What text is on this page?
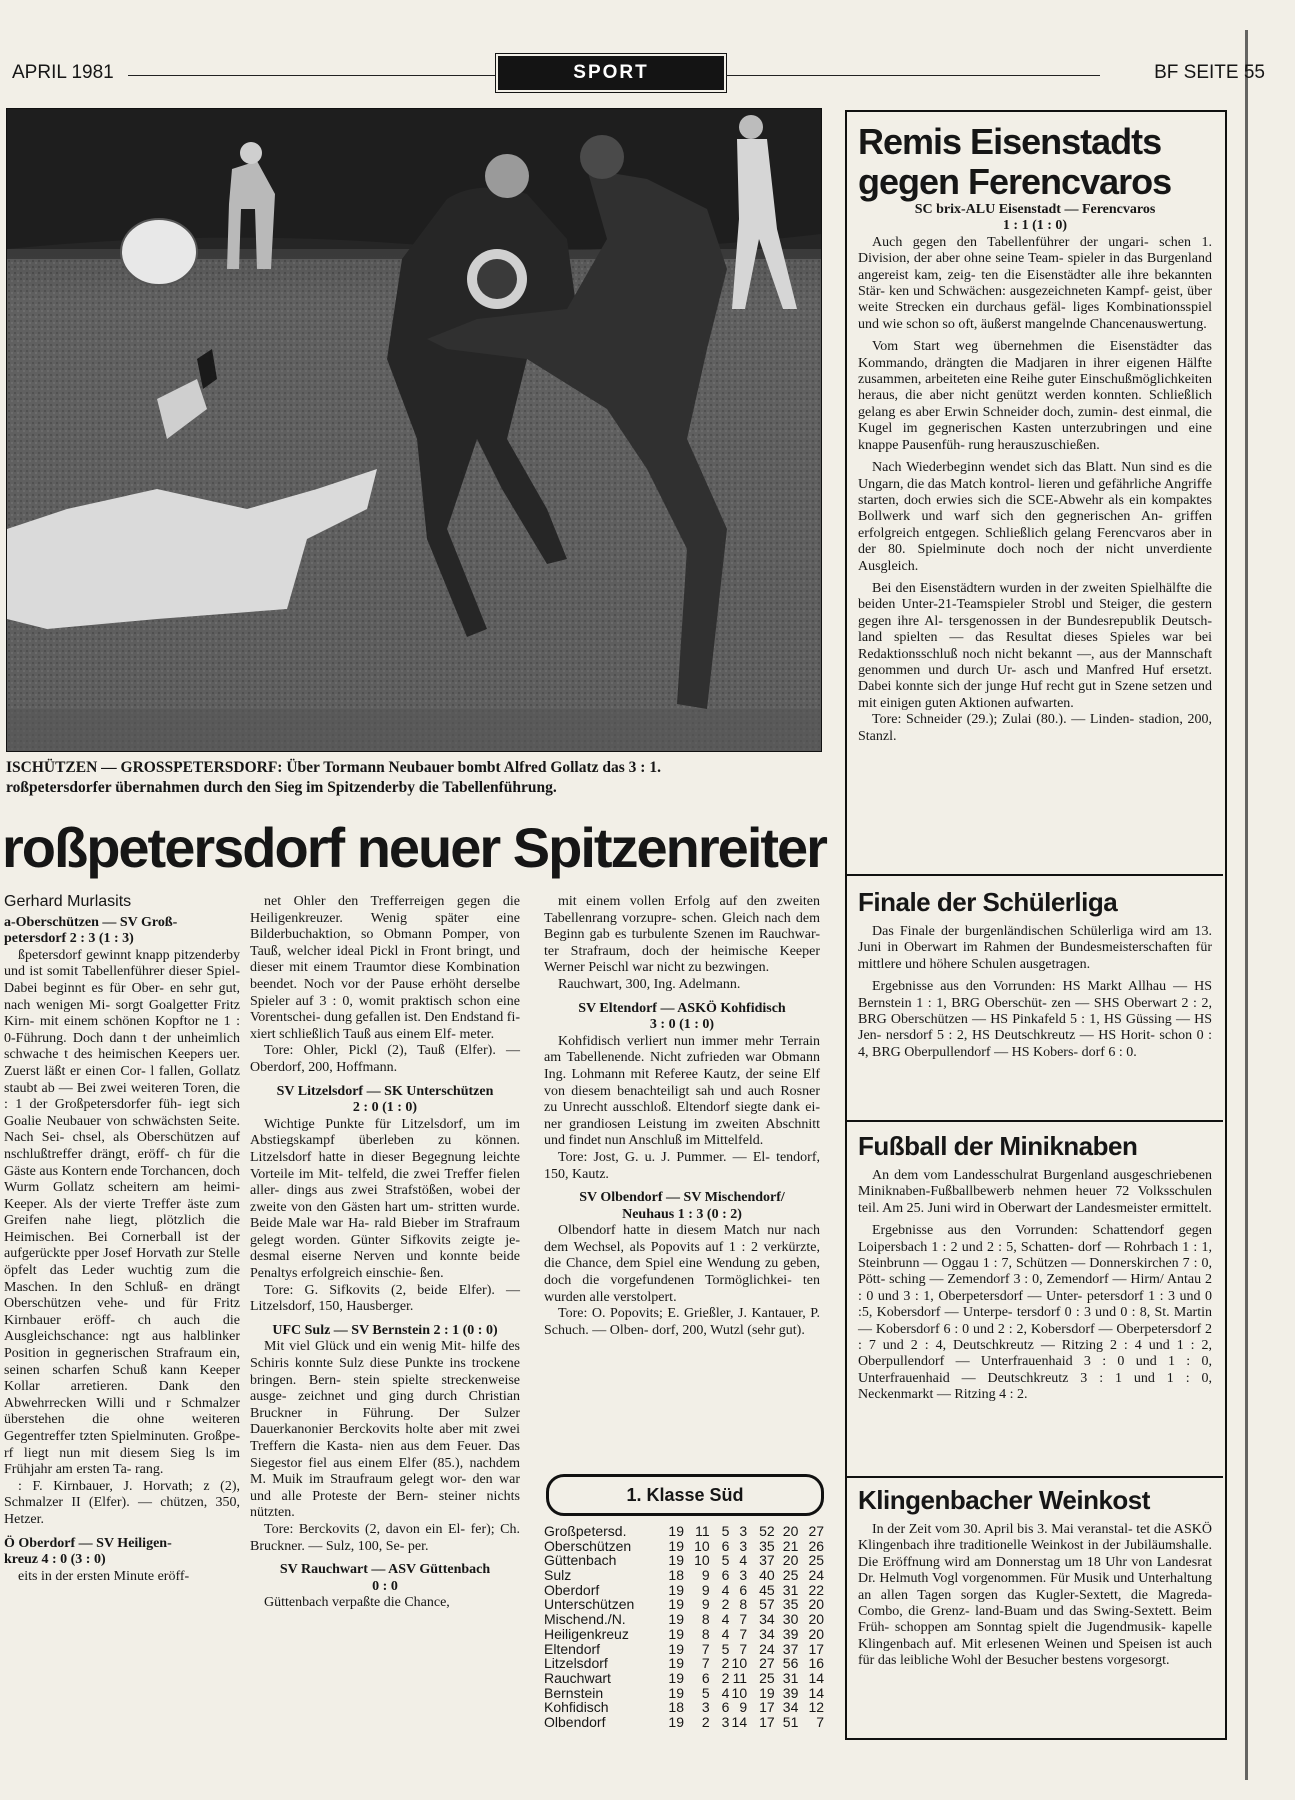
APRIL 1981	SPORT	BF SEITE 55
ISCHÜTZEN — GROSSPETERSDORF: Über Tormann Neubauer bombt Alfred Gollatz das 3 : 1.
roßpetersdorfer übernahmen durch den Sieg im Spitzenderby die Tabellenführung.
roßpetersdorf neuer Spitzenreiter

Gerhard Murlasits

a-Oberschützen — SV Groß-

petersdorf 2 : 3 (1 : 3)

ßpetersdorf gewinnt knapp pitzenderby und ist somit Tabellenführer dieser Spiel- Dabei beginnt es für Ober- en sehr gut, nach wenigen Mi- sorgt Goalgetter Fritz Kirn- mit einem schönen Kopftor ne 1 : 0-Führung. Doch dann t der unheimlich schwache t des heimischen Keepers uer. Zuerst läßt er einen Cor- l fallen, Gollatz staubt ab — Bei zwei weiteren Toren, die : 1 der Großpetersdorfer füh- iegt sich Goalie Neubauer von schwächsten Seite. Nach Sei- chsel, als Oberschützen auf nschlußtreffer drängt, eröff- ch für die Gäste aus Kontern ende Torchancen, doch Wurm Gollatz scheitern am heimi- Keeper. Als der vierte Treffer äste zum Greifen nahe liegt, plötzlich die Heimischen. Bei Cornerball ist der aufgerückte pper Josef Horvath zur Stelle öpfelt das Leder wuchtig zum die Maschen. In den Schluß- en drängt Oberschützen vehe- und für Fritz Kirnbauer eröff- ch auch die Ausgleichschance: ngt aus halblinker Position in gegnerischen Strafraum ein, seinen scharfen Schuß kann Keeper Kollar arretieren. Dank den Abwehrrecken Willi und r Schmalzer überstehen die ohne weiteren Gegentreffer tzten Spielminuten. Großpe- rf liegt nun mit diesem Sieg ls im Frühjahr am ersten Ta- rang.

: F. Kirnbauer, J. Horvath; z (2), Schmalzer II (Elfer). — chützen, 350, Hetzer.

Ö Oberdorf — SV Heiligen-

kreuz 4 : 0 (3 : 0)

eits in der ersten Minute eröff-

net Ohler den Trefferreigen gegen die Heiligenkreuzer. Wenig später eine Bilderbuchaktion, so Obmann Pomper, von Tauß, welcher ideal Pickl in Front bringt, und dieser mit einem Traumtor diese Kombination beendet. Noch vor der Pause erhöht derselbe Spieler auf 3 : 0, womit praktisch schon eine Vorentschei- dung gefallen ist. Den Endstand fi- xiert schließlich Tauß aus einem Elf- meter.

Tore: Ohler, Pickl (2), Tauß (Elfer). — Oberdorf, 200, Hoffmann.

SV Litzelsdorf — SK Unterschützen

2 : 0 (1 : 0)

Wichtige Punkte für Litzelsdorf, um im Abstiegskampf überleben zu können. Litzelsdorf hatte in dieser Begegnung leichte Vorteile im Mit- telfeld, die zwei Treffer fielen aller- dings aus zwei Strafstößen, wobei der zweite von den Gästen hart um- stritten wurde. Beide Male war Ha- rald Bieber im Strafraum gelegt worden. Günter Sifkovits zeigte je- desmal eiserne Nerven und konnte beide Penaltys erfolgreich einschie- ßen.

Tore: G. Sifkovits (2, beide Elfer). — Litzelsdorf, 150, Hausberger.

UFC Sulz — SV Bernstein 2 : 1 (0 : 0)

Mit viel Glück und ein wenig Mit- hilfe des Schiris konnte Sulz diese Punkte ins trockene bringen. Bern- stein spielte streckenweise ausge- zeichnet und ging durch Christian Bruckner in Führung. Der Sulzer Dauerkanonier Berckovits holte aber mit zwei Treffern die Kasta- nien aus dem Feuer. Das Siegestor fiel aus einem Elfer (85.), nachdem M. Muik im Straufraum gelegt wor- den war und alle Proteste der Bern- steiner nichts nützten.

Tore: Berckovits (2, davon ein El- fer); Ch. Bruckner. — Sulz, 100, Se- per.

SV Rauchwart — ASV Güttenbach

0 : 0

Güttenbach verpaßte die Chance,

mit einem vollen Erfolg auf den zweiten Tabellenrang vorzupre- schen. Gleich nach dem Beginn gab es turbulente Szenen im Rauchwar- ter Strafraum, doch der heimische Keeper Werner Peischl war nicht zu bezwingen.

Rauchwart, 300, Ing. Adelmann.

SV Eltendorf — ASKÖ Kohfidisch

3 : 0 (1 : 0)

Kohfidisch verliert nun immer mehr Terrain am Tabellenende. Nicht zufrieden war Obmann Ing. Lohmann mit Referee Kautz, der seine Elf von diesem benachteiligt sah und auch Rosner zu Unrecht ausschloß. Eltendorf siegte dank ei- ner grandiosen Leistung im zweiten Abschnitt und findet nun Anschluß im Mittelfeld.

Tore: Jost, G. u. J. Pummer. — El- tendorf, 150, Kautz.

SV Olbendorf — SV Mischendorf/

Neuhaus 1 : 3 (0 : 2)

Olbendorf hatte in diesem Match nur nach dem Wechsel, als Popovits auf 1 : 2 verkürzte, die Chance, dem Spiel eine Wendung zu geben, doch die vorgefundenen Tormöglichkei- ten wurden alle verstolpert.

Tore: O. Popovits; E. Grießler, J. Kantauer, P. Schuch. — Olben- dorf, 200, Wutzl (sehr gut).

1. Klasse Süd
Großpetersd.	19 11 5 3 52 20 27
Oberschützen	19 10 6 3 35 21 26
Güttenbach	19 10 5 4 37 20 25
Sulz	18	9 6 3 40 25 24
Oberdorf	19	9 4 6 45 31 22
Unterschützen	19	9 2 8 57 35 20
Mischend./N.	19	8 4 7 34 30 20
Heiligenkreuz	19	8 4 7 34 39 20
Eltendorf	19	7 5 7 24 37 17
Litzelsdorf	19	7 2 10 27 56 16
Rauchwart	19	6 2 11 25 31 14
Bernstein	19	5 4 10 19 39 14
Kohfidisch	18	3 6 9 17 34 12
Olbendorf	19	2 3 14 17 51	7
Remis Eisenstadts
gegen Ferencvaros

SC brix-ALU Eisenstadt — Ferencvaros

1 : 1 (1 : 0)

Auch gegen den Tabellenführer der ungari- schen 1. Division, der aber ohne seine Team- spieler in das Burgenland angereist kam, zeig- ten die Eisenstädter alle ihre bekannten Stär- ken und Schwächen: ausgezeichneten Kampf- geist, über weite Strecken ein durchaus gefäl- liges Kombinationsspiel und wie schon so oft, äußerst mangelnde Chancenauswertung.

Vom Start weg übernehmen die Eisenstädter das Kommando, drängten die Madjaren in ihrer eigenen Hälfte zusammen, arbeiteten eine Reihe guter Einschußmöglichkeiten heraus, die aber nicht genützt werden konnten. Schließlich gelang es aber Erwin Schneider doch, zumin- dest einmal, die Kugel im gegnerischen Kasten unterzubringen und eine knappe Pausenfüh- rung herauszuschießen.

Nach Wiederbeginn wendet sich das Blatt. Nun sind es die Ungarn, die das Match kontrol- lieren und gefährliche Angriffe starten, doch erwies sich die SCE-Abwehr als ein kompaktes Bollwerk und warf sich den gegnerischen An- griffen erfolgreich entgegen. Schließlich gelang Ferencvaros aber in der 80. Spielminute doch noch der nicht unverdiente Ausgleich.

Bei den Eisenstädtern wurden in der zweiten Spielhälfte die beiden Unter-21-Teamspieler Strobl und Steiger, die gestern gegen ihre Al- tersgenossen in der Bundesrepublik Deutsch- land spielten — das Resultat dieses Spieles war bei Redaktionsschluß noch nicht bekannt —, aus der Mannschaft genommen und durch Ur- asch und Manfred Huf ersetzt. Dabei konnte sich der junge Huf recht gut in Szene setzen und mit einigen guten Aktionen aufwarten.

Tore: Schneider (29.); Zulai (80.). — Linden- stadion, 200, Stanzl.

Finale der Schülerliga

Das Finale der burgenländischen Schülerliga wird am 13. Juni in Oberwart im Rahmen der Bundesmeisterschaften für mittlere und höhere Schulen ausgetragen.

Ergebnisse aus den Vorrunden: HS Markt Allhau — HS Bernstein 1 : 1, BRG Oberschüt- zen — SHS Oberwart 2 : 2, BRG Oberschützen — HS Pinkafeld 5 : 1, HS Güssing — HS Jen- nersdorf 5 : 2, HS Deutschkreutz — HS Horit- schon 0 : 4, BRG Oberpullendorf — HS Kobers- dorf 6 : 0.

Fußball der Miniknaben

An dem vom Landesschulrat Burgenland ausgeschriebenen Miniknaben-Fußballbewerb nehmen heuer 72 Volksschulen teil. Am 25. Juni wird in Oberwart der Landesmeister ermittelt.

Ergebnisse aus den Vorrunden: Schattendorf gegen Loipersbach 1 : 2 und 2 : 5, Schatten- dorf — Rohrbach 1 : 1, Steinbrunn — Oggau 1 : 7, Schützen — Donnerskirchen 7 : 0, Pött- sching — Zemendorf 3 : 0, Zemendorf — Hirm/ Antau 2 : 0 und 3 : 1, Oberpetersdorf — Unter- petersdorf 1 : 3 und 0 :5, Kobersdorf — Unterpe- tersdorf 0 : 3 und 0 : 8, St. Martin — Kobersdorf 6 : 0 und 2 : 2, Kobersdorf — Oberpetersdorf 2 : 7 und 2 : 4, Deutschkreutz — Ritzing 2 : 4 und 1 : 2, Oberpullendorf — Unterfrauenhaid 3 : 0 und 1 : 0, Unterfrauenhaid — Deutschkreutz 3 : 1 und 1 : 0, Neckenmarkt — Ritzing 4 : 2.

Klingenbacher Weinkost

In der Zeit vom 30. April bis 3. Mai veranstal- tet die ASKÖ Klingenbach ihre traditionelle Weinkost in der Jubiläumshalle. Die Eröffnung wird am Donnerstag um 18 Uhr von Landesrat Dr. Helmuth Vogl vorgenommen. Für Musik und Unterhaltung an allen Tagen sorgen das Kugler-Sextett, die Magreda-Combo, die Grenz- land-Buam und das Swing-Sextett. Beim Früh- schoppen am Sonntag spielt die Jugendmusik- kapelle Klingenbach auf. Mit erlesenen Weinen und Speisen ist auch für das leibliche Wohl der Besucher bestens vorgesorgt.
